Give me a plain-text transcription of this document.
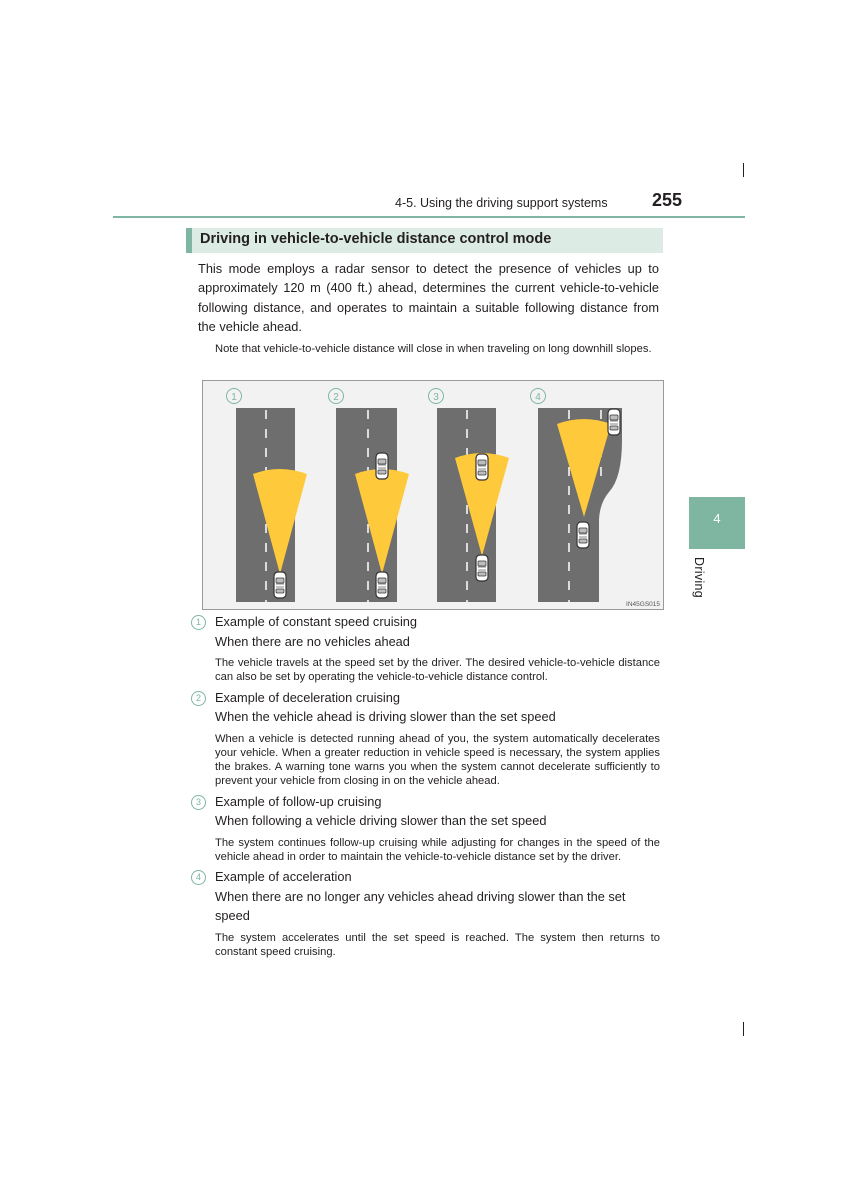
4-5. Using the driving support systems 255
4
Driving
Driving in vehicle-to-vehicle distance control mode
This mode employs a radar sensor to detect the presence of vehicles up to approximately 120 m (400 ft.) ahead, determines the current vehicle-to-vehicle following distance, and operates to maintain a suitable following distance from the vehicle ahead.
Note that vehicle-to-vehicle distance will close in when traveling on long downhill slopes.
1	2	3	4
IN45GS015
1	Example of constant speed cruising
When there are no vehicles ahead
The vehicle travels at the speed set by the driver. The desired vehicle-to-vehicle distance can also be set by operating the vehicle-to-vehicle distance control.
2	Example of deceleration cruising
When the vehicle ahead is driving slower than the set speed
When a vehicle is detected running ahead of you, the system automatically decelerates your vehicle. When a greater reduction in vehicle speed is necessary, the system applies the brakes. A warning tone warns you when the system cannot decelerate sufficiently to prevent your vehicle from closing in on the vehicle ahead.
3	Example of follow-up cruising
When following a vehicle driving slower than the set speed
The system continues follow-up cruising while adjusting for changes in the speed of the vehicle ahead in order to maintain the vehicle-to-vehicle distance set by the driver.
4	Example of acceleration
When there are no longer any vehicles ahead driving slower than the set speed
The system accelerates until the set speed is reached. The system then returns to constant speed cruising.
